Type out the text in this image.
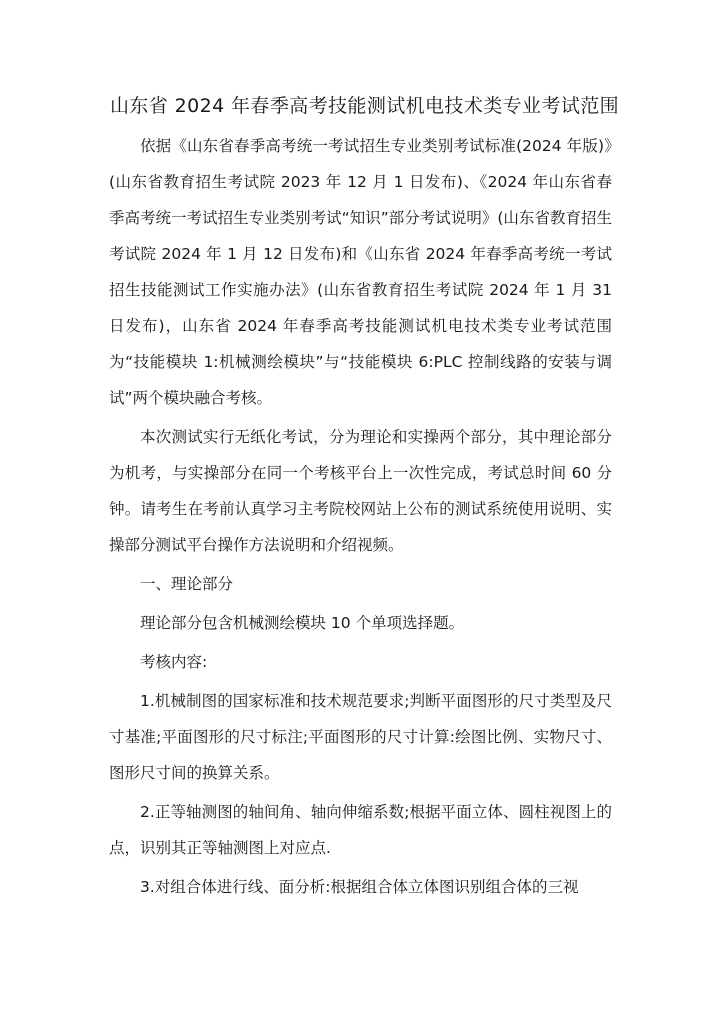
山东省 2024 年春季高考技能测试机电技术类专业考试范围

依据《山东省春季高考统一考试招生专业类别考试标准(2024 年版)》(山东省教育招生考试院 2023 年 12 月 1 日发布)、《2024 年山东省春季高考统一考试招生专业类别考试“知识”部分考试说明》(山东省教育招生考试院 2024 年 1 月 12 日发布)和《山东省 2024 年春季高考统一考试招生技能测试工作实施办法》(山东省教育招生考试院 2024 年 1 月 31 日发布)，山东省 2024 年春季高考技能测试机电技术类专业考试范围为“技能模块 1:机械测绘模块”与“技能模块 6:PLC 控制线路的安装与调试”两个模块融合考核。

本次测试实行无纸化考试，分为理论和实操两个部分，其中理论部分为机考，与实操部分在同一个考核平台上一次性完成，考试总时间 60 分钟。请考生在考前认真学习主考院校网站上公布的测试系统使用说明、实操部分测试平台操作方法说明和介绍视频。

一、理论部分

理论部分包含机械测绘模块 10 个单项选择题。

考核内容:

1.机械制图的国家标准和技术规范要求;判断平面图形的尺寸类型及尺寸基准;平面图形的尺寸标注;平面图形的尺寸计算:绘图比例、实物尺寸、图形尺寸间的换算关系。

2.正等轴测图的轴间角、轴向伸缩系数;根据平面立体、圆柱视图上的点，识别其正等轴测图上对应点.

3.对组合体进行线、面分析:根据组合体立体图识别组合体的三视
